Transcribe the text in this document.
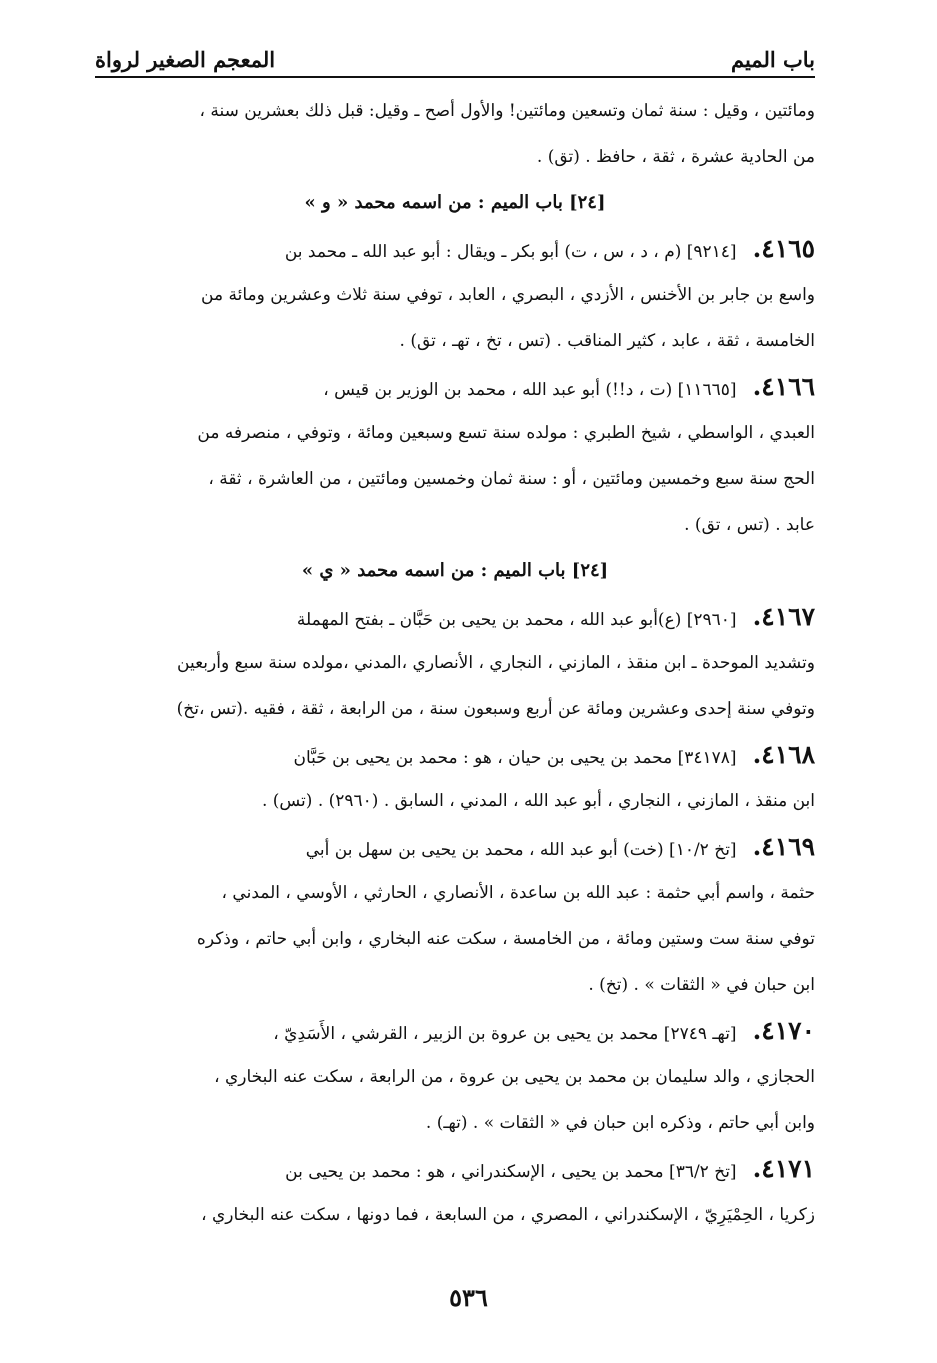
باب الميم
المعجم الصغير لرواة
ومائتين ، وقيل : سنة ثمان وتسعين ومائتين! والأول أصح ـ وقيل: قبل ذلك بعشرين سنة ،
من الحادية عشرة ، ثقة ، حافظ . (تق) .
[٢٤] باب الميم : من اسمه محمد « و »
٤١٦٥.[٩٢١٤] (م ، د ، س ، ت) أبو بكر ـ ويقال : أبو عبد الله ـ محمد بن
واسع بن جابر بن الأخنس ، الأزدي ، البصري ، العابد ، توفي سنة ثلاث وعشرين ومائة من
الخامسة ، ثقة ، عابد ، كثير المناقب . (تس ، تخ ، تهـ ، تق) .
٤١٦٦.[١١٦٦٥] (ت ، د!!) أبو عبد الله ، محمد بن الوزير بن قيس ،
العبدي ، الواسطي ، شيخ الطبري : مولده سنة تسع وسبعين ومائة ، وتوفي ، منصرفه من
الحج سنة سبع وخمسين ومائتين ، أو : سنة ثمان وخمسين ومائتين ، من العاشرة ، ثقة ،
عابد . (تس ، تق) .
[٢٤] باب الميم : من اسمه محمد « ي »
٤١٦٧.[٢٩٦٠] (ع)أبو عبد الله ، محمد بن يحيى بن حَبَّان ـ بفتح المهملة
وتشديد الموحدة ـ ابن منقذ ، المازني ، النجاري ، الأنصاري ،المدني ،مولده سنة سبع وأربعين
وتوفي سنة إحدى وعشرين ومائة عن أربع وسبعون سنة ، من الرابعة ، ثقة ، فقيه .(تس ،تخ)
٤١٦٨.[٣٤١٧٨] محمد بن يحيى بن حيان ، هو : محمد بن يحيى بن حَبَّان
ابن منقذ ، المازني ، النجاري ، أبو عبد الله ، المدني ، السابق . (٢٩٦٠) . (تس) .
٤١٦٩.[تخ ١٠/٢] (خت) أبو عبد الله ، محمد بن يحيى بن سهل بن أبي
حثمة ، واسم أبي حثمة : عبد الله بن ساعدة ، الأنصاري ، الحارثي ، الأوسي ، المدني ،
توفي سنة ست وستين ومائة ، من الخامسة ، سكت عنه البخاري ، وابن أبي حاتم ، وذكره
ابن حبان في « الثقات » . (تخ) .
٤١٧٠.[تهـ ٢٧٤٩] محمد بن يحيى بن عروة بن الزبير ، القرشي ، الأَسَدِيّ ،
الحجازي ، والد سليمان بن محمد بن يحيى بن عروة ، من الرابعة ، سكت عنه البخاري ،
وابن أبي حاتم ، وذكره ابن حبان في « الثقات » . (تهـ) .
٤١٧١.[تخ ٣٦/٢] محمد بن يحيى ، الإسكندراني ، هو : محمد بن يحيى بن
زكريا ، الحِمْيَرِيّ ، الإسكندراني ، المصري ، من السابعة ، فما دونها ، سكت عنه البخاري ،
٥٣٦
